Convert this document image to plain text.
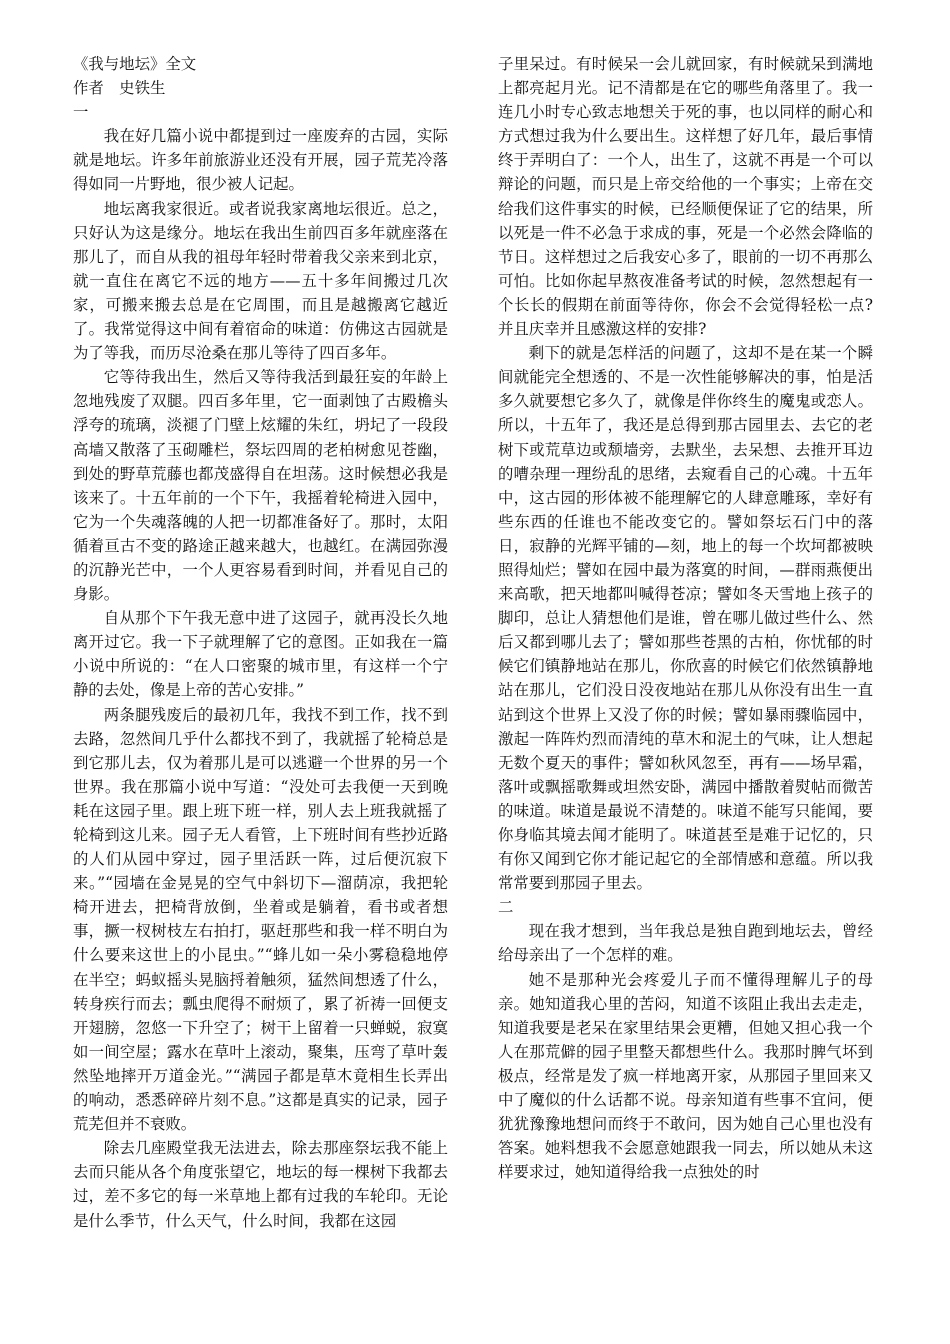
《我与地坛》全文

作者　史铁生

一

我在好几篇小说中都提到过一座废弃的古园，实际就是地坛。许多年前旅游业还没有开展，园子荒芜冷落得如同一片野地，很少被人记起。

地坛离我家很近。或者说我家离地坛很近。总之，只好认为这是缘分。地坛在我出生前四百多年就座落在那儿了，而自从我的祖母年轻时带着我父亲来到北京，就一直住在离它不远的地方——五十多年间搬过几次家，可搬来搬去总是在它周围，而且是越搬离它越近了。我常觉得这中间有着宿命的味道：仿佛这古园就是为了等我，而历尽沧桑在那儿等待了四百多年。

它等待我出生，然后又等待我活到最狂妄的年龄上忽地残废了双腿。四百多年里，它一面剥蚀了古殿檐头浮夸的琉璃，淡褪了门壁上炫耀的朱红，坍圮了一段段高墙又散落了玉砌雕栏，祭坛四周的老柏树愈见苍幽，到处的野草荒藤也都茂盛得自在坦荡。这时候想必我是该来了。十五年前的一个下午，我摇着轮椅进入园中，它为一个失魂落魄的人把一切都准备好了。那时，太阳循着亘古不变的路途正越来越大，也越红。在满园弥漫的沉静光芒中，一个人更容易看到时间，并看见自己的身影。

自从那个下午我无意中进了这园子，就再没长久地离开过它。我一下子就理解了它的意图。正如我在一篇小说中所说的：“在人口密聚的城市里，有这样一个宁静的去处，像是上帝的苦心安排。”

两条腿残废后的最初几年，我找不到工作，找不到去路，忽然间几乎什么都找不到了，我就摇了轮椅总是到它那儿去，仅为着那儿是可以逃避一个世界的另一个世界。我在那篇小说中写道：“没处可去我便一天到晚耗在这园子里。跟上班下班一样，别人去上班我就摇了轮椅到这儿来。园子无人看管，上下班时间有些抄近路的人们从园中穿过，园子里活跃一阵，过后便沉寂下来。”“园墙在金晃晃的空气中斜切下—溜荫凉，我把轮椅开进去，把椅背放倒，坐着或是躺着，看书或者想事，撅一杈树枝左右拍打，驱赶那些和我一样不明白为什么要来这世上的小昆虫。”“蜂儿如一朵小雾稳稳地停在半空；蚂蚁摇头晃脑捋着触须，猛然间想透了什么，转身疾行而去；瓢虫爬得不耐烦了，累了祈祷一回便支开翅膀，忽悠一下升空了；树干上留着一只蝉蜕，寂寞如一间空屋；露水在草叶上滚动，聚集，压弯了草叶轰然坠地摔开万道金光。”“满园子都是草木竟相生长弄出的响动，悉悉碎碎片刻不息。”这都是真实的记录，园子荒芜但并不衰败。

除去几座殿堂我无法进去，除去那座祭坛我不能上去而只能从各个角度张望它，地坛的每一棵树下我都去过，差不多它的每一米草地上都有过我的车轮印。无论是什么季节，什么天气，什么时间，我都在这园

子里呆过。有时候呆一会儿就回家，有时候就呆到满地上都亮起月光。记不清都是在它的哪些角落里了。我一连几小时专心致志地想关于死的事，也以同样的耐心和方式想过我为什么要出生。这样想了好几年，最后事情终于弄明白了：一个人，出生了，这就不再是一个可以辩论的问题，而只是上帝交给他的一个事实；上帝在交给我们这件事实的时候，已经顺便保证了它的结果，所以死是一件不必急于求成的事，死是一个必然会降临的节日。这样想过之后我安心多了，眼前的一切不再那么可怕。比如你起早熬夜准备考试的时候，忽然想起有一个长长的假期在前面等待你，你会不会觉得轻松一点?并且庆幸并且感激这样的安排?

剩下的就是怎样活的问题了，这却不是在某一个瞬间就能完全想透的、不是一次性能够解决的事，怕是活多久就要想它多久了，就像是伴你终生的魔鬼或恋人。所以，十五年了，我还是总得到那古园里去、去它的老树下或荒草边或颓墙旁，去默坐，去呆想、去推开耳边的嘈杂理一理纷乱的思绪，去窥看自己的心魂。十五年中，这古园的形体被不能理解它的人肆意雕琢，幸好有些东西的任谁也不能改变它的。譬如祭坛石门中的落日，寂静的光辉平铺的—刻，地上的每一个坎坷都被映照得灿烂；譬如在园中最为落寞的时间，—群雨燕便出来高歌，把天地都叫喊得苍凉；譬如冬天雪地上孩子的脚印，总让人猜想他们是谁，曾在哪儿做过些什么、然后又都到哪儿去了；譬如那些苍黑的古柏，你忧郁的时候它们镇静地站在那儿，你欣喜的时候它们依然镇静地站在那儿，它们没日没夜地站在那儿从你没有出生一直站到这个世界上又没了你的时候；譬如暴雨骤临园中，激起一阵阵灼烈而清纯的草木和泥土的气味，让人想起无数个夏天的事件；譬如秋风忽至，再有——场早霜，落叶或飘摇歌舞或坦然安卧，满园中播散着熨帖而微苦的味道。味道是最说不清楚的。味道不能写只能闻，要你身临其境去闻才能明了。味道甚至是难于记忆的，只有你又闻到它你才能记起它的全部情感和意蕴。所以我常常要到那园子里去。

二

现在我才想到，当年我总是独自跑到地坛去，曾经给母亲出了一个怎样的难。

她不是那种光会疼爱儿子而不懂得理解儿子的母亲。她知道我心里的苦闷，知道不该阻止我出去走走，知道我要是老呆在家里结果会更糟，但她又担心我一个人在那荒僻的园子里整天都想些什么。我那时脾气坏到极点，经常是发了疯一样地离开家，从那园子里回来又中了魔似的什么话都不说。母亲知道有些事不宜问，便犹犹豫豫地想问而终于不敢问，因为她自己心里也没有答案。她料想我不会愿意她跟我一同去，所以她从未这样要求过，她知道得给我一点独处的时
